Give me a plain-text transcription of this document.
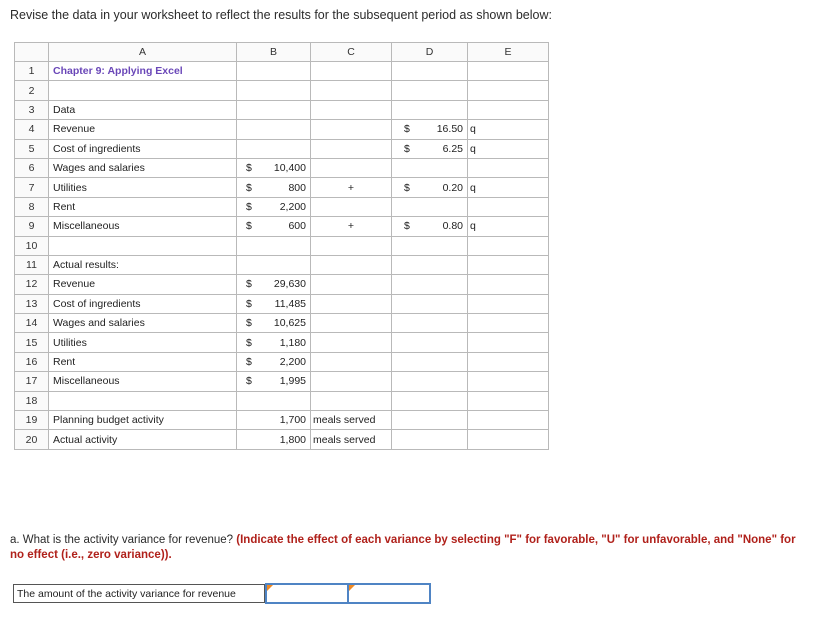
Revise the data in your worksheet to reflect the results for the subsequent period as shown below:
	A	B	C	D	E
1	Chapter 9: Applying Excel				
2					
3	Data				
4	Revenue			$ 16.50	q
5	Cost of ingredients			$ 6.25	q
6	Wages and salaries	$ 10,400			

7	Utilities	$ 800	+	$ 0.20	q
8	Rent	$ 2,200			

9	Miscellaneous	$ 600	+	$ 0.80	q
10					
11	Actual results:				
12	Revenue	$ 29,630			

13	Cost of ingredients	$ 11,485			

14	Wages and salaries	$ 10,625			

15	Utilities	$ 1,180			

16	Rent	$ 2,200			

17	Miscellaneous	$ 1,995			

18					
19	Planning budget activity	1,700	meals served		
20	Actual activity	1,800	meals served		
a. What is the activity variance for revenue? (Indicate the effect of each variance by selecting "F" for favorable, "U" for unfavorable, and "None" for no effect (i.e., zero variance)).
The amount of the activity variance for revenue
